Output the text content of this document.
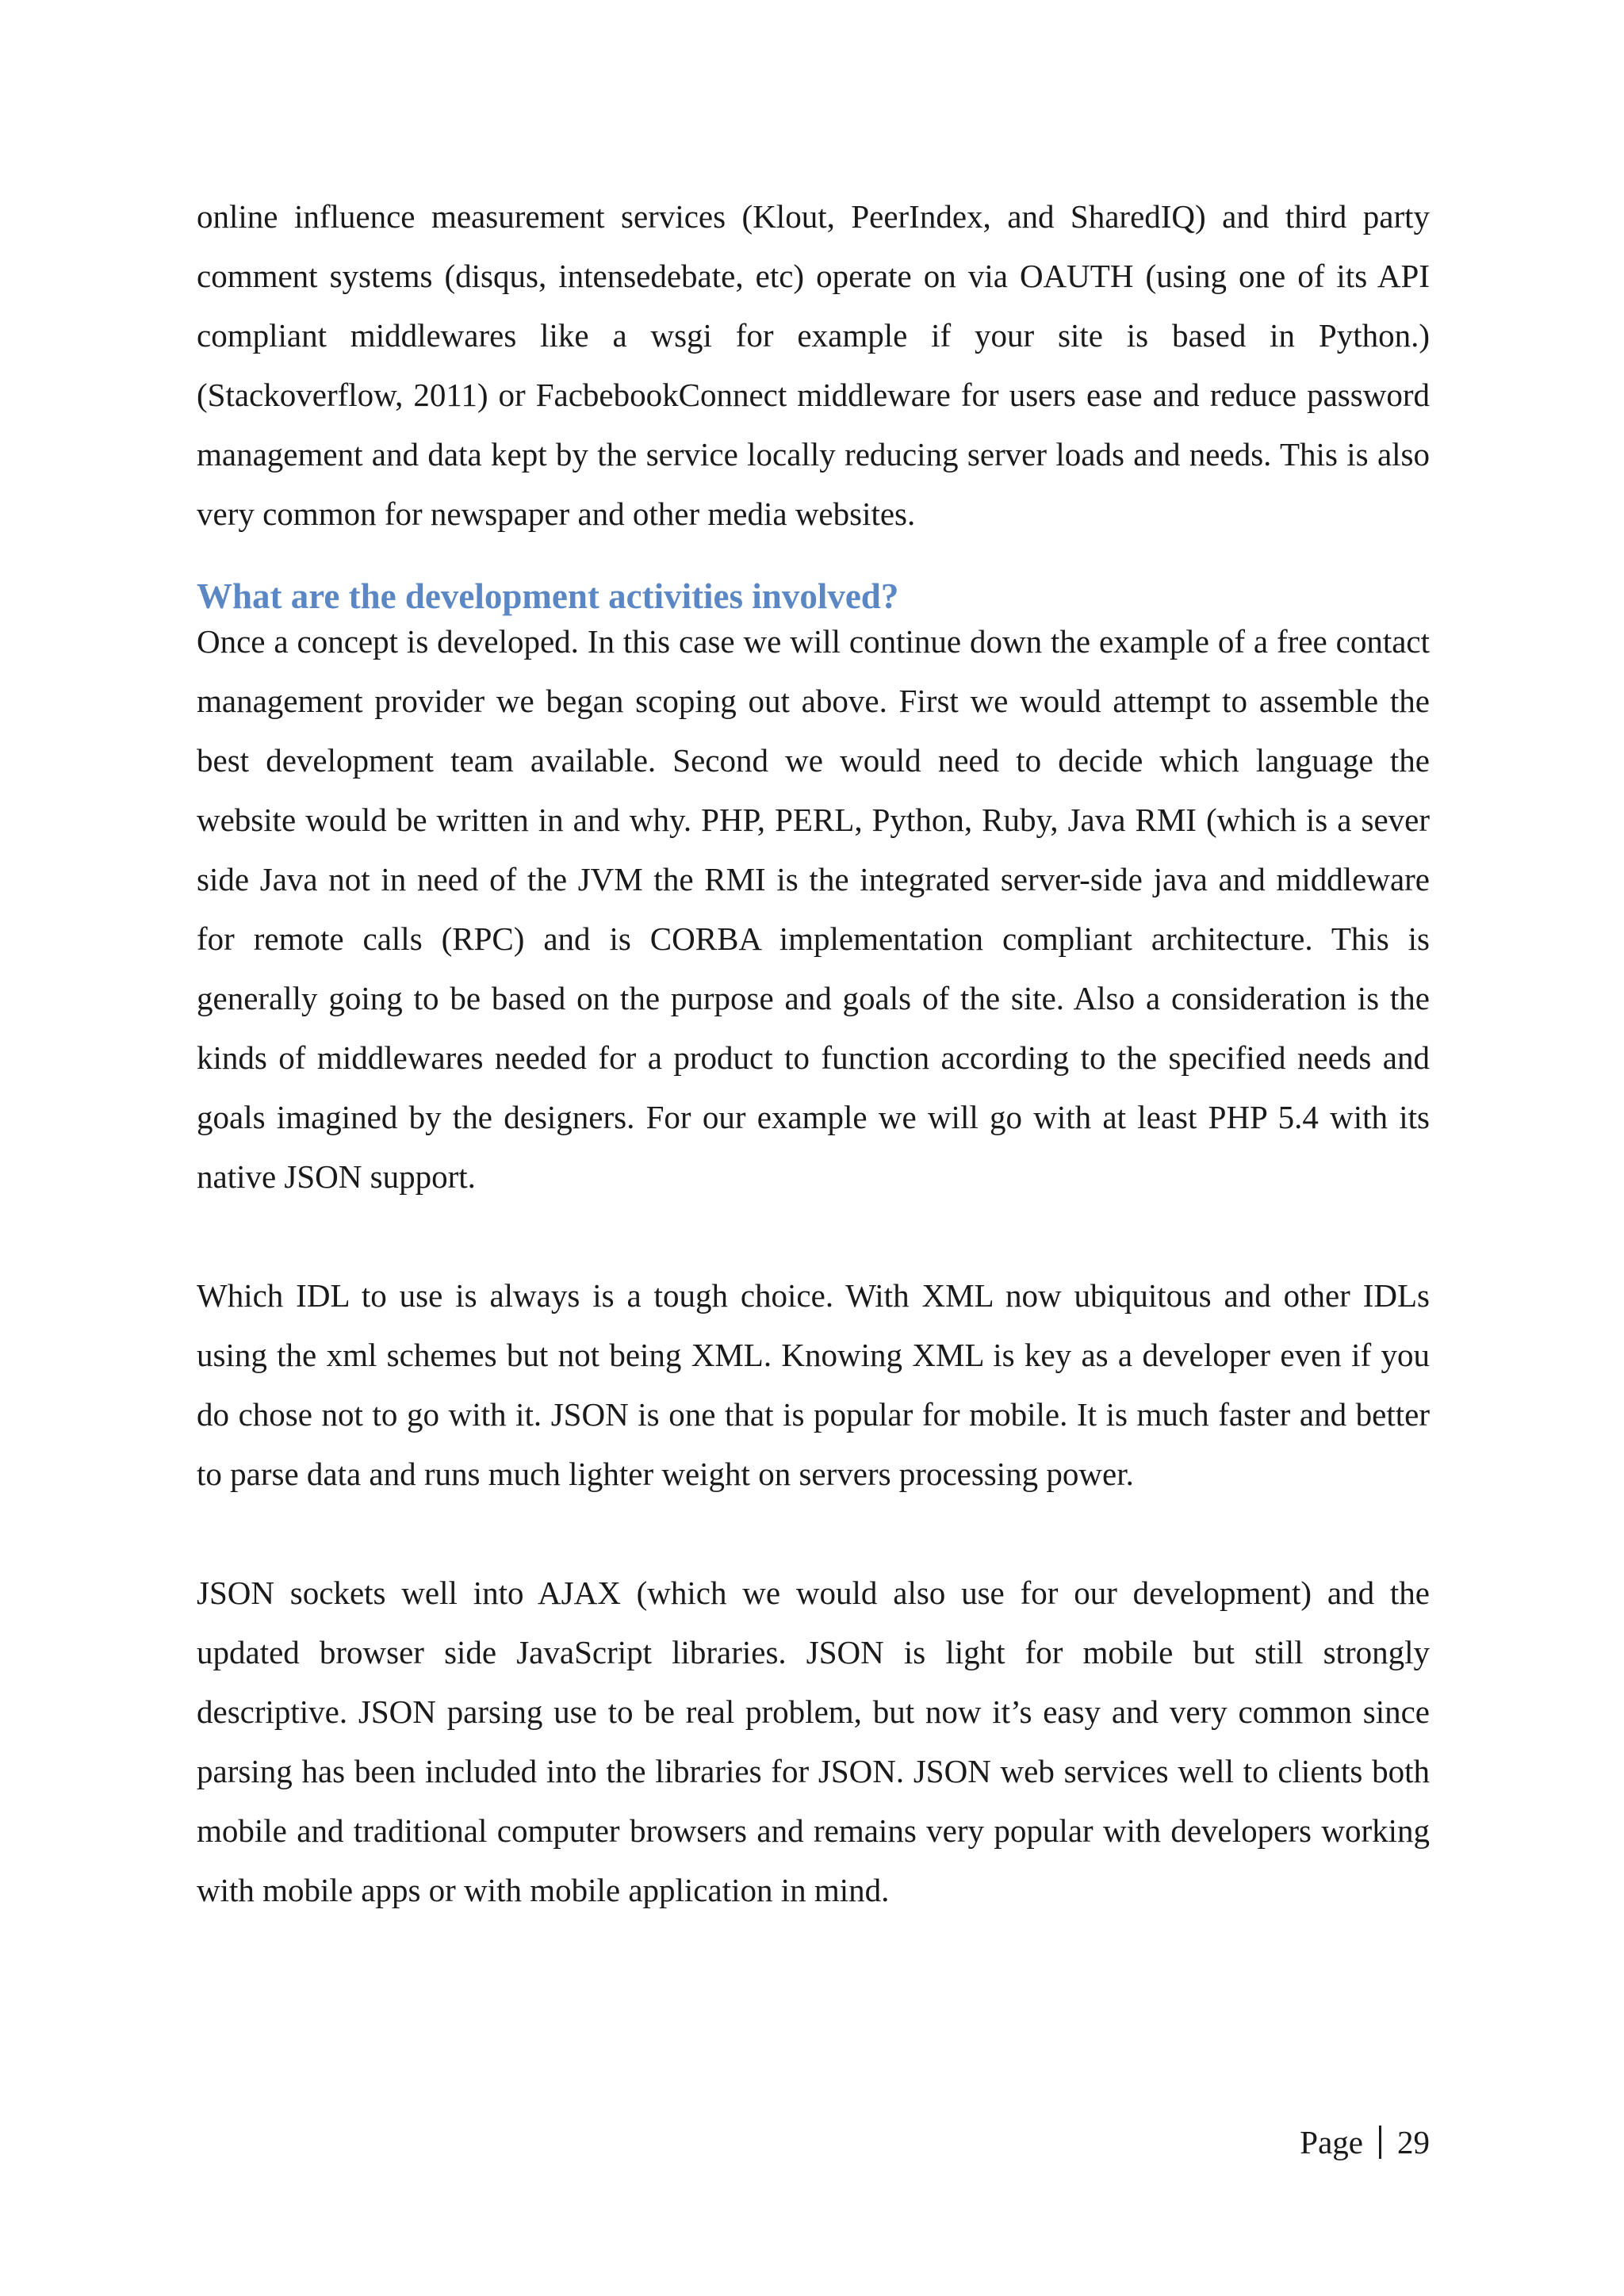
online influence measurement services (Klout, PeerIndex, and SharedIQ) and third party comment systems (disqus, intensedebate, etc) operate on via OAUTH (using one of its API compliant middlewares like a wsgi for example if your site is based in Python.) (Stackoverflow, 2011) or FacbebookConnect middleware for users ease and reduce password management and data kept by the service locally reducing server loads and needs. This is also very common for newspaper and other media websites.

What are the development activities involved?

Once a concept is developed. In this case we will continue down the example of a free contact management provider we began scoping out above. First we would attempt to assemble the best development team available. Second we would need to decide which language the website would be written in and why. PHP, PERL, Python, Ruby, Java RMI (which is a sever side Java not in need of the JVM the RMI is the integrated server-side java and middleware for remote calls (RPC) and is CORBA implementation compliant architecture. This is generally going to be based on the purpose and goals of the site. Also a consideration is the kinds of middlewares needed for a product to function according to the specified needs and goals imagined by the designers. For our example we will go with at least PHP 5.4 with its native JSON support.

Which IDL to use is always is a tough choice. With XML now ubiquitous and other IDLs using the xml schemes but not being XML. Knowing XML is key as a developer even if you do chose not to go with it. JSON is one that is popular for mobile. It is much faster and better to parse data and runs much lighter weight on servers processing power.

JSON sockets well into AJAX (which we would also use for our development) and the updated browser side JavaScript libraries. JSON is light for mobile but still strongly descriptive. JSON parsing use to be real problem, but now it’s easy and very common since parsing has been included into the libraries for JSON. JSON web services well to clients both mobile and traditional computer browsers and remains very popular with developers working with mobile apps or with mobile application in mind.

Page 29
